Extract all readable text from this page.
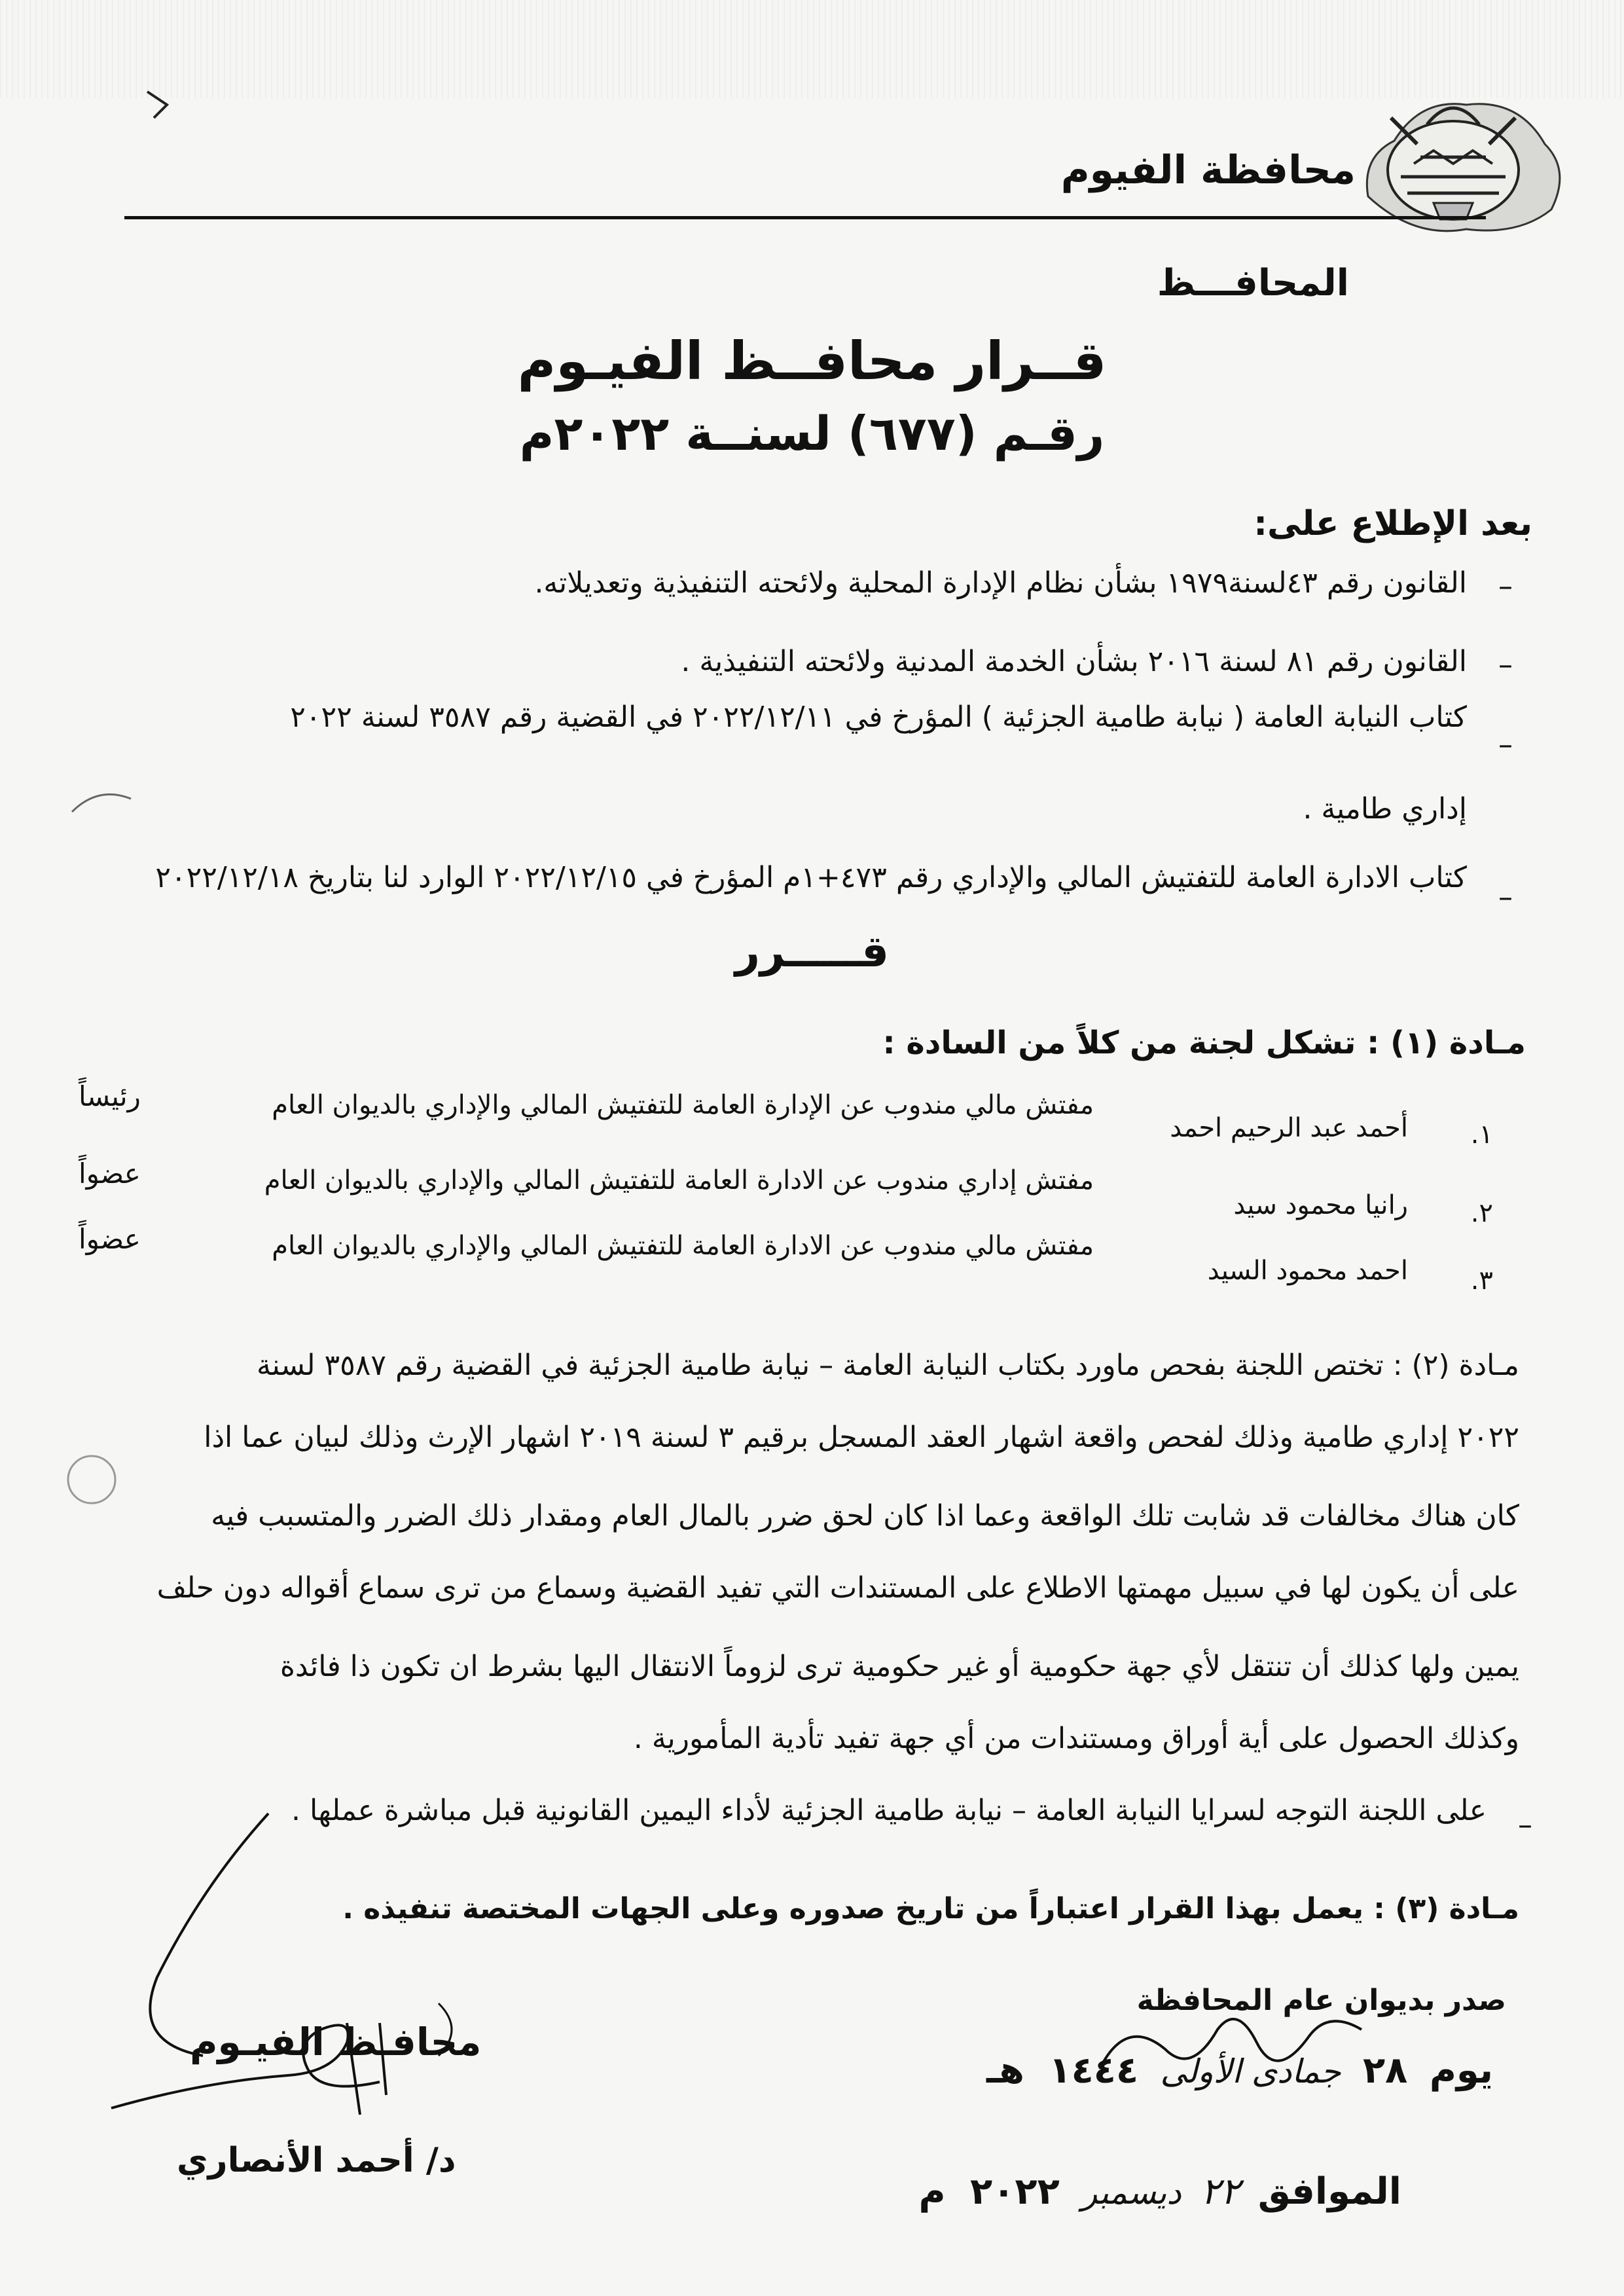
محافظة الفيوم
المحافـــظ
قــرار محافــظ الفيـوم
رقـم (٦٧٧) لسنــة ٢٠٢٢م
بعد الإطلاع على:
–
القانون رقم ٤٣لسنة١٩٧٩ بشأن نظام الإدارة المحلية ولائحته التنفيذية وتعديلاته.
–
القانون رقم ٨١ لسنة ٢٠١٦ بشأن الخدمة المدنية ولائحته التنفيذية .
–
كتاب النيابة العامة ( نيابة طامية الجزئية ) المؤرخ في ٢٠٢٢/١٢/١١ في القضية رقم ٣٥٨٧ لسنة ٢٠٢٢
إداري طامية .
–
كتاب الادارة العامة للتفتيش المالي والإداري رقم ٤٧٣+١م المؤرخ في ٢٠٢٢/١٢/١٥ الوارد لنا بتاريخ ٢٠٢٢/١٢/١٨
قـــــرر
مـادة (١) : تشكل لجنة من كلاً من السادة :
.١
أحمد عبد الرحيم احمد
مفتش مالي مندوب عن الإدارة العامة للتفتيش المالي والإداري بالديوان العام
رئيساً
.٢
رانيا محمود سيد
مفتش إداري مندوب عن الادارة العامة للتفتيش المالي والإداري بالديوان العام
عضواً
.٣
احمد محمود السيد
مفتش مالي مندوب عن الادارة العامة للتفتيش المالي والإداري بالديوان العام
عضواً
مـادة (٢) : تختص اللجنة بفحص ماورد بكتاب النيابة العامة – نيابة طامية الجزئية في القضية رقم ٣٥٨٧ لسنة
٢٠٢٢ إداري طامية وذلك لفحص واقعة اشهار العقد المسجل برقيم ٣ لسنة ٢٠١٩ اشهار الإرث وذلك لبيان عما اذا
كان هناك مخالفات قد شابت تلك الواقعة وعما اذا كان لحق ضرر بالمال العام ومقدار ذلك الضرر والمتسبب فيه
على أن يكون لها في سبيل مهمتها الاطلاع على المستندات التي تفيد القضية وسماع من ترى سماع أقواله دون حلف
يمين ولها كذلك أن تنتقل لأي جهة حكومية أو غير حكومية ترى لزوماً الانتقال اليها بشرط ان تكون ذا فائدة
وكذلك الحصول على أية أوراق ومستندات من أي جهة تفيد تأدية المأمورية .
–
على اللجنة التوجه لسرايا النيابة العامة – نيابة طامية الجزئية لأداء اليمين القانونية قبل مباشرة عملها .
مـادة (٣) : يعمل بهذا القرار اعتباراً من تاريخ صدوره وعلى الجهات المختصة تنفيذه .
صدر بديوان عام المحافظة
يوم ٢٨ جمادى الأولى ١٤٤٤ هـ
الموافق ٢٢ ديسمبر ٢٠٢٢ م
محافـظ الفيـوم
د/ أحمد الأنصاري
